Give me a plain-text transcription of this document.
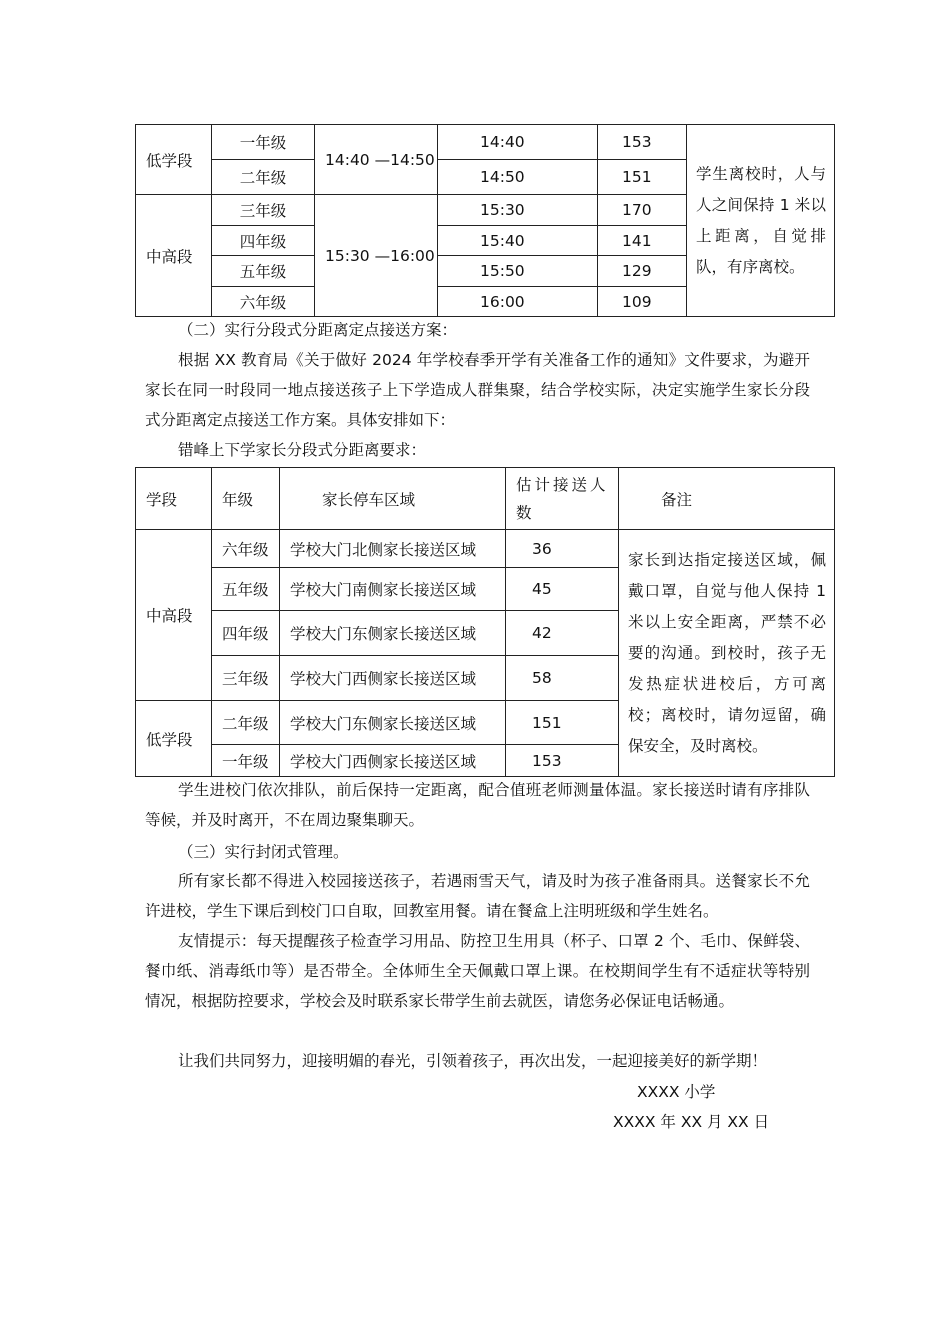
低学段	一年级	14:40 —14:50	14:40	153	学生离校时，人与人之间保持 1 米以上距离，自觉排队，有序离校。
	二年级		14:50	151	
中高段	三年级	15:30 —16:00	15:30	170	
	四年级		15:40	141	
	五年级		15:50	129	
	六年级		16:00	109	
（二）实行分段式分距离定点接送方案：

根据 XX 教育局《关于做好 2024 年学校春季开学有关准备工作的通知》文件要求，为避开家长在同一时段同一地点接送孩子上下学造成人群集聚，结合学校实际，决定实施学生家长分段式分距离定点接送工作方案。具体安排如下：

错峰上下学家长分段式分距离要求：
学段	年级	家长停车区域	估计接送人数	备注
中高段	六年级	学校大门北侧家长接送区域	36	家长到达指定接送区域，佩戴口罩，自觉与他人保持 1 米以上安全距离，严禁不必要的沟通。到校时，孩子无发热症状进校后，方可离校；离校时，请勿逗留，确保安全，及时离校。
	五年级	学校大门南侧家长接送区域	45	
	四年级	学校大门东侧家长接送区域	42	
	三年级	学校大门西侧家长接送区域	58	
低学段	二年级	学校大门东侧家长接送区域	151	
	一年级	学校大门西侧家长接送区域	153	

学生进校门依次排队，前后保持一定距离，配合值班老师测量体温。家长接送时请有序排队等候，并及时离开，不在周边聚集聊天。

（三）实行封闭式管理。

所有家长都不得进入校园接送孩子，若遇雨雪天气，请及时为孩子准备雨具。送餐家长不允许进校，学生下课后到校门口自取，回教室用餐。请在餐盒上注明班级和学生姓名。

友情提示：每天提醒孩子检查学习用品、防控卫生用具（杯子、口罩 2 个、毛巾、保鲜袋、餐巾纸、消毒纸巾等）是否带全。全体师生全天佩戴口罩上课。在校期间学生有不适症状等特别情况，根据防控要求，学校会及时联系家长带学生前去就医，请您务必保证电话畅通。

让我们共同努力，迎接明媚的春光，引领着孩子，再次出发，一起迎接美好的新学期！

XXXX 小学
XXXX 年 XX 月 XX 日
